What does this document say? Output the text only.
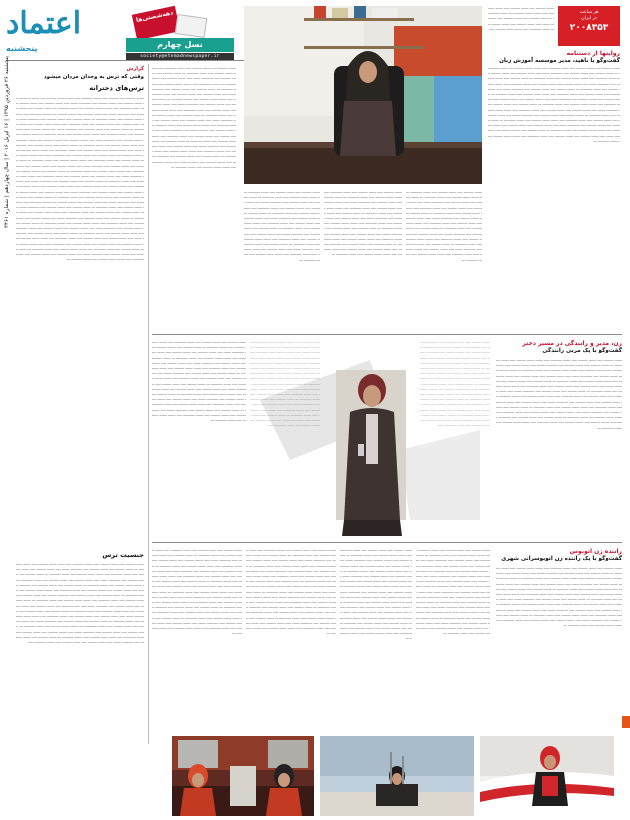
اعتماد
پنجشنبه
دهه‌شصتی‌ها
نسل چهارم
society@etemadnewspaper.ir
پنجشنبه ۲۶ فروردین ۱۳۹۵ | ۱۶ آپریل ۲۰۱۶ | سال چهاردهم | شماره ۳۴۶۱	گزارش
وقتی که ترس به وجدان مردان میشود
ترس‌های دخترانه
ـــــــ ـــــــــ ـــــ ـــــــــ ـــــ ـــــــ ـــــــــــ ـــــ ـــــــ ـــــــ ـــــــــ ـــــ ـــــــ ـــــــــــ ـــ ـــــــ ـــــــــ ـــــ ـــــــ ـــــــــ ـــــ ـــــــــــ ـــــــ ـــــ ـــــــ ـــــــــ ـــــ ـــــــ ـــــــــ ـــــ ـــــــ ـــــــــــ ـــــ ـــــــ ـــــــ ـــــــــ ـــــ ـــــــ ـــــــــــ ـــ ـــــــ ـــــــــ ـــــ ـــــــ ـــــــــ ـــــ ـــــــــــ ـــــــ ـــــ ـــــــ ـــــــــ ـــــ ـــــــ ـــــــــ ـــــ ـــــــ ـــــــــــ ـــــ ـــــــ ـــــــ ـــــــــ ـــــ ـــــــ ـــــــــــ ـــ ـــــــ ـــــــــ ـــــ ـــــــ ـــــــــ ـــــ ـــــــــــ ـــــــ ـــــ ـــــــ ـــــــــ ـــــ ـــــــ ـــــــــ ـــــ ـــــــ ـــــــــــ ـــــ ـــــــ ـــــــ ـــــــــ ـــــ ـــــــ ـــــــــــ ـــ ـــــــ ـــــــــ ـــــ ـــــــ ـــــــــ ـــــ ـــــــــــ ـــــــ ـــــ ـــــــ ـــــــــ ـــــ ـــــــ ـــــــــ ـــــ ـــــــ ـــــــــــ ـــــ ـــــــ ـــــــ ـــــــــ ـــــ ـــــــ ـــــــــــ ـــ ـــــــ ـــــــــ ـــــ ـــــــ ـــــــــ ـــــ ـــــــــــ ـــــــ ـــــ ـــــــ ـــــــــ ـــــ ـــــــ ـــــــــ ـــــ ـــــــ ـــــــــــ ـــــ ـــــــ ـــــــ ـــــــــ ـــــ ـــــــ ـــــــــــ ـــ ـــــــ ـــــــــ ـــــ ـــــــ ـــــــــ ـــــ ـــــــــــ ـــــــ ـــــ ـــــــ ـــــــــ ـــــ ـــــــ ـــــــــ ـــــ ـــــــ ـــــــــــ ـــــ ـــــــ ـــــــ ـــــــــ ـــــ ـــــــ ـــــــــــ ـــ ـــــــ ـــــــــ ـــــ ـــــــ ـــــــــ ـــــ ـــــــــــ ـــــــ ـــــ ـــــــ ـــــــــ ـــــ ـــــــ ـــــــــ ـــــ ـــــــ ـــــــــــ ـــــ ـــــــ ـــــــ ـــــــــ ـــــ ـــــــ ـــــــــــ ـــ ـــــــ ـــــــــ ـــــ ـــــــ ـــــــــ ـــــ ـــــــــــ ـــــــ ـــــ ـــــــ ـــــــــ ـــــ ـــــــ ـــــــــ ـــــ ـــــــ ـــــــــــ ـــــ ـــــــ ـــــــ ـــــــــ ـــــ ـــــــ ـــــــــــ ـــ ـــــــ ـــــــــ ـــــ ـــــــ ـــــــــ ـــــ ـــــــــــ ـــــــ ـــــ ـــــــ ـــــــــ ـــــ ـــــــ ـــــــــ ـــــ ـــــــ ـــــــــــ ـــــ ـــــــ ـــــــ ـــــــــ ـــــ ـــــــ ـــــــــــ ـــ ـــــــ ـــــــــ ـــــ ـــــــ ـــــــــ ـــــ ـــــــــــ ـــــــ ـــــ ـــــــ ـــــــــ ـــــ ـــــــ ـــــــــ ـــــ ـــــــ ـــــــــــ ـــــ ـــــــ ـــــــ ـــــــــ ـــــ ـــــــ ـــــــــــ ـــ ـــــــ ـــــــــ ـــــ ـــــــ ـــــــــ ـــــ ـــــــــــ ـــــــ ـــــ ـــــــ ـــــــــ ـــــ ـــــــ ـــــــــ ـــــ ـــــــ ـــــــــــ ـــــ ـــــــ ـــــــ ـــــــــ ـــــ ـــــــ ـــــــــــ ـــ ـــــــ ـــــــــ ـــــ ـــــــ ـــــــــ ـــــ ـــــــــــ ـــــــ ـــــ ـــــــ ـــــــــ ـــــ ـــــــ ـــــــــ ـــــ ـــــــ ـــــــــــ ـــــ ـــــــ ـــــــ ـــــــــ ـــــ ـــــــ ـــــــــــ ـــ ـــــــ ـــــــــ ـــــ ـــــــ ـــــــــ ـــــ ـــــــــــ ـــــــ ـــــ ـــــــ ـــــــــ ـــــ ـــــــ ـــــــــ ـــــ ـــــــ ـــــــــــ ـــــ ـــــــ ـــــــ ـــــــــ ـــــ ـــــــ ـــــــــــ ـــ ـــــــ ـــــــــ ـــــ ـــــــ ـــــــــ ـــــ ـــــــــــ ـــــــ ـــــ ـــــــ ـــــــــ ـــــ ـــــــ ـــــــــ ـــــ ـــــــ ـــــــــــ ـــــ ـــــــ ـــــــ ـــــــــ ـــــ ـــــــ ـــــــــــ ـــ ـــــــ ـــــــــ ـــــ ـــــــ ـــــــــ ـــــ ـــــــــــ ـــــــ ـــــ ـــــــ ـــــــــ ـــــ ـــــــ ـــــــــ ـــــ ـــــــ ـــــــــــ ـــــ ـــــــ ـــــــ ـــــــــ ـــــ ـــــــ ـــــــــــ ـــ ـــــــ ـــــــــ ـــــ ـــــــ ـــــــــ ـــــ ـــــــــــ ـــــــ ـــــ ـــــــ ـــــــــ ـــــ ـــــــ ـــــــــ ـــــ ـــــــ ـــــــــــ ـــــ ـــــــ ـــــــ ـــــــــ ـــــ ـــــــ ـــــــــــ ـــ ـــــــ ـــــــــ ـــــ ـــــــ ـــــــــ ـــــ ـــــــــــ ـــــــ ـــــ ـــــــ ـــــــــ ـــــ ـــــــ ـــــــــ ـــــ ـــــــ ـــــــــــ ـــــ ـــــــ ـــــــ ـــــــــ ـــــ ـــــــ ـــــــــــ ـــ ـــــــ ـــــــــ ـــــ ـــــــ ـــــــــ ـــــ ـــــــــــ ـــــــ ـــــ ـــــــ ـــــــــ ـــــ ـــــــ ـــــــــ ـــــ ـــــــ ـــــــــــ ـــــ ـــــــ ـــــــ ـــــــــ ـــــ ـــــــ ـــــــــــ ـــ
جنسیت ترس
ـــــــ ـــــــــ ـــــ ـــــــ ـــــــــ ـــــ ـــــــ ـــــــــــ ـــــ ـــــــ ـــــــ ـــــــــ ـــــ ـــــــ ـــــــــــ ـــ ـــــــ ـــــــــ ـــــ ـــــــ ـــــــــ ـــــ ـــــــــــ ـــــــ ـــــ ـــــــ ـــــــــ ـــــ ـــــــ ـــــــــ ـــــ ـــــــ ـــــــــــ ـــــ ـــــــ ـــــــ ـــــــــ ـــــ ـــــــ ـــــــــــ ـــ ـــــــ ـــــــــ ـــــ ـــــــ ـــــــــ ـــــ ـــــــــــ ـــــــ ـــــ ـــــــ ـــــــــ ـــــ ـــــــ ـــــــــ ـــــ ـــــــ ـــــــــــ ـــــ ـــــــ ـــــــ ـــــــــ ـــــ ـــــــ ـــــــــــ ـــ ـــــــ ـــــــــ ـــــ ـــــــ ـــــــــ ـــــ ـــــــــــ ـــــــ ـــــ ـــــــ ـــــــــ ـــــ ـــــــ ـــــــــ ـــــ ـــــــ ـــــــــــ ـــــ ـــــــ ـــــــ ـــــــــ ـــــ ـــــــ ـــــــــــ ـــ ـــــــ ـــــــــ ـــــ ـــــــ ـــــــــ ـــــ ـــــــــــ ـــــــ ـــــ ـــــــ ـــــــــ ـــــ ـــــــ ـــــــــ ـــــ ـــــــ ـــــــــــ ـــــ ـــــــ ـــــــ ـــــــــ ـــــ ـــــــ ـــــــــــ ـــ ـــــــ ـــــــــ ـــــ ـــــــ ـــــــــ ـــــ ـــــــــــ ـــــــ ـــــ ـــــــ ـــــــــ ـــــ ـــــــ ـــــــــ ـــــ ـــــــ ـــــــــــ ـــــ ـــــــ ـــــــ ـــــــــ ـــــ ـــــــ ـــــــــــ ـــ ـــــــ ـــــــــ ـــــ ـــــــ ـــــــــ ـــــ ـــــــــــ ـــــــ ـــــ ـــــــ ـــــــــ ـــــ ـــــــ ـــــــــ ـــــ ـــــــ ـــــــــــ ـــــ ـــــــ ـــــــ ـــــــــ ـــــ ـــــــ ـــــــــــ ـــ ـــــــ ـــــــــ ـــــ ـــــــ ـــــــــ ـــــ ـــــــــــ ـــــــ ـــــ ـــــــ ـــــــــ ـــــ ـــــــ ـــــــــ ـــــ ـــــــ ـــــــــــ ـــــ ـــــــ ـــــــ ـــــــــ ـــــ ـــــــ ـــــــــــ ـــ ـــــــ ـــــــــ ـــــ ـــــــ ـــــــــ ـــــ ـــــــــــ ـــــــ ـــــ ـــــــ ـــــــــ ـــــ ـــــــ ـــــــــ ـــــ ـــــــ ـــــــــــ ـــــ ـــــــ ـــــــ ـــــــــ ـــــ ـــــــ ـــــــــــ ـــ ـــــــ ـــــــــ ـــــ ـــــــ ـــــــــ ـــــ ـــــــــــ ـــــــ ـــــ ـــــــ ـــــــــ ـــــ ـــــــ ـــــــــ ـــــ ـــــــ ـــــــــــ ـــــ
ـــــــ ـــــــــ ـــــ ـــــــ ـــــــــ ـــــ ـــــــ ـــــــــــ ـــــ ـــــــ ـــــــ ـــــــــ ـــــ ـــــــ ـــــــــــ ـــ ـــــــ ـــــــــ ـــــ ـــــــ ـــــــــ ـــــ ـــــــــــ ـــــــ ـــــ ـــــــ ـــــــــ ـــــ ـــــــ ـــــــــ ـــــ ـــــــ ـــــــــــ ـــــ ـــــــ ـــــــ ـــــــــ ـــــ ـــــــ ـــــــــــ ـــ ـــــــ ـــــــــ ـــــ ـــــــ ـــــــــ ـــــ ـــــــــــ ـــــــ ـــــ ـــــــ ـــــــــ ـــــ ـــــــ ـــــــــ ـــــ ـــــــ ـــــــــــ ـــــ ـــــــ ـــــــ ـــــــــ ـــــ ـــــــ ـــــــــــ ـــ ـــــــ ـــــــــ ـــــ ـــــــ ـــــــــ ـــــ ـــــــــــ ـــــــ ـــــ ـــــــ ـــــــــ ـــــ ـــــــ ـــــــــ ـــــ ـــــــ ـــــــــــ ـــــ ـــــــ ـــــــ ـــــــــ ـــــ ـــــــ ـــــــــــ ـــ ـــــــ ـــــــــ ـــــ ـــــــ ـــــــــ ـــــ ـــــــــــ ـــــــ ـــــ ـــــــ ـــــــــ ـــــ ـــــــ ـــــــــ ـــــ ـــــــ ـــــــــــ ـــــ ـــــــ ـــــــ ـــــــــ ـــــ ـــــــ ـــــــــــ ـــ ـــــــ ـــــــــ ـــــ ـــــــ ـــــــــ ـــــ ـــــــــــ ـــــــ ـــــ ـــــــ ـــــــــ ـــــ ـــــــ ـــــــــ ـــــ ـــــــ ـــــــــــ ـــــ ـــــــ ـــــــ ـــــــــ ـــــ ـــــــ ـــــــــــ ـــ ـــــــ ـــــــــ ـــــ ـــــــ ـــــــــ ـــــ ـــــــــــ ـــــــ ـــــ ـــــــ ـــــــــ ـــــ ـــــــ ـــــــــ ـــــ ـــــــ ـــــــــــ ـــــ ـــــــ ـــــــ ـــــــــ ـــــ ـــــــ ـــــــــــ ـــ ـــــــ ـــــــــ ـــــ ـــــــ ـــــــــ ـــــ ـــــــــــ ـــــــ ـــــ ـــــــ ـــــــــ ـــــ ـــــــ ـــــــــ ـــــ ـــــــ ـــــــــــ ـــــ ـــــــ ـــــــ ـــــــــ ـــــ ـــــــ ـــــــــــ ـــ
هر ساعت
در ایران
۲۰۰۸۳۵۳
ـــــــ ـــــــــ ـــــ ـــــــ ـــــــــ ـــــ ـــــــ ـــــــــــ ـــــ ـــــــ ـــــــ ـــــــــ ـــــ ـــــــ ـــــــــــ ـــ ـــــــ ـــــــــ ـــــ ـــــــ ـــــــــ ـــــ ـــــــــــ ـــــــ ـــــ ـــــــ ـــــــــ ـــــ ـــــــ ـــــــــ ـــــ ـــــــ ـــــــــــ ـــــ ـــــــ ـــــــ ـــــــــ ـــــ
روایتها از دستنامه
گفت‌وگو با ناهید، مدیر موسسه آموزش زبان
ـــــــ ـــــــــ ـــــ ـــــــ ـــــــــ ـــــ ـــــــ ـــــــــــ ـــــ ـــــــ ـــــــ ـــــــــ ـــــ ـــــــ ـــــــــــ ـــ ـــــــ ـــــــــ ـــــ ـــــــ ـــــــــ ـــــ ـــــــــــ ـــــــ ـــــ ـــــــ ـــــــــ ـــــ ـــــــ ـــــــــ ـــــ ـــــــ ـــــــــــ ـــــ ـــــــ ـــــــ ـــــــــ ـــــ ـــــــ ـــــــــــ ـــ ـــــــ ـــــــــ ـــــ ـــــــ ـــــــــ ـــــ ـــــــــــ ـــــــ ـــــ ـــــــ ـــــــــ ـــــ ـــــــ ـــــــــ ـــــ ـــــــ ـــــــــــ ـــــ ـــــــ ـــــــ ـــــــــ ـــــ ـــــــ ـــــــــــ ـــ ـــــــ ـــــــــ ـــــ ـــــــ ـــــــــ ـــــ ـــــــــــ ـــــــ ـــــ ـــــــ ـــــــــ ـــــ ـــــــ ـــــــــ ـــــ ـــــــ ـــــــــــ ـــــ ـــــــ ـــــــ ـــــــــ ـــــ ـــــــ ـــــــــــ ـــ ـــــــ ـــــــــ ـــــ ـــــــ ـــــــــ ـــــ ـــــــــــ ـــــــ ـــــ ـــــــ ـــــــــ ـــــ ـــــــ ـــــــــ ـــــ ـــــــ ـــــــــــ ـــــ ـــــــ ـــــــ ـــــــــ ـــــ ـــــــ ـــــــــــ ـــ ـــــــ ـــــــــ ـــــ ـــــــ ـــــــــ ـــــ ـــــــــــ ـــــــ ـــــ ـــــــ ـــــــــ ـــــ ـــــــ ـــــــــ ـــــ ـــــــ ـــــــــــ ـــــ ـــــــ ـــــــ ـــــــــ ـــــ ـــــــ ـــــــــــ ـــ ـــــــ ـــــــــ ـــــ ـــــــ ـــــــــ ـــــ ـــــــــــ ـــــــ ـــــ ـــــــ ـــــــــ ـــــ ـــــــ ـــــــــ ـــــ ـــــــ ـــــــــــ ـــــ ـــــــ ـــــــ ـــــــــ ـــــ ـــــــ ـــــــــــ ـــ ـــــــ ـــــــــ ـــــ ـــــــ ـــــــــ ـــــ ـــــــــــ ـــــــ ـــــ ـــــــ ـــــــــ ـــــ ـــــــ ـــــــــ ـــــ ـــــــ ـــــــــــ ـــــ ـــــــ ـــــــ ـــــــــ ـــــ ـــــــ ـــــــــــ ـــ ـــــــ ـــــــــ ـــــ ـــــــ ـــــــــ ـــــ ـــــــــــ ـــــــ ـــــ ـــــــ ـــــــــ ـــــ ـــــــ ـــــــــ ـــــ ـــــــ ـــــــــــ ـــــ ـــــــ ـــــــ ـــــــــ ـــــ ـــــــ ـــــــــــ ـــ
ـــــــ ـــــــــ ـــــ ـــــــ ـــــــــ ـــــ ـــــــ ـــــــــــ ـــــ ـــــــ ـــــــ ـــــــــ ـــــ ـــــــ ـــــــــــ ـــ ـــــــ ـــــــــ ـــــ ـــــــ ـــــــــ ـــــ ـــــــــــ ـــــــ ـــــ ـــــــ ـــــــــ ـــــ ـــــــ ـــــــــ ـــــ ـــــــ ـــــــــــ ـــــ ـــــــ ـــــــ ـــــــــ ـــــ ـــــــ ـــــــــــ ـــ ـــــــ ـــــــــ ـــــ ـــــــ ـــــــــ ـــــ ـــــــــــ ـــــــ ـــــ ـــــــ ـــــــــ ـــــ ـــــــ ـــــــــ ـــــ ـــــــ ـــــــــــ ـــــ ـــــــ ـــــــ ـــــــــ ـــــ ـــــــ ـــــــــــ ـــ ـــــــ ـــــــــ ـــــ ـــــــ ـــــــــ ـــــ ـــــــــــ ـــــــ ـــــ ـــــــ ـــــــــ ـــــ ـــــــ ـــــــــ ـــــ ـــــــ ـــــــــــ ـــــ ـــــــ ـــــــ ـــــــــ ـــــ ـــــــ ـــــــــــ ـــ ـــــــ ـــــــــ ـــــ ـــــــ ـــــــــ ـــــ ـــــــــــ ـــــــ ـــــ ـــــــ ـــــــــ ـــــ ـــــــ ـــــــــ ـــــ ـــــــ ـــــــــــ ـــــ ـــــــ ـــــــ ـــــــــ ـــــ ـــــــ ـــــــــــ ـــ
ـــــــ ـــــــــ ـــــ ـــــــ ـــــــــ ـــــ ـــــــ ـــــــــــ ـــــ ـــــــ ـــــــ ـــــــــ ـــــ ـــــــ ـــــــــــ ـــ ـــــــ ـــــــــ ـــــ ـــــــ ـــــــــ ـــــ ـــــــــــ ـــــــ ـــــ ـــــــ ـــــــــ ـــــ ـــــــ ـــــــــ ـــــ ـــــــ ـــــــــــ ـــــ ـــــــ ـــــــ ـــــــــ ـــــ ـــــــ ـــــــــــ ـــ ـــــــ ـــــــــ ـــــ ـــــــ ـــــــــ ـــــ ـــــــــــ ـــــــ ـــــ ـــــــ ـــــــــ ـــــ ـــــــ ـــــــــ ـــــ ـــــــ ـــــــــــ ـــــ ـــــــ ـــــــ ـــــــــ ـــــ ـــــــ ـــــــــــ ـــ ـــــــ ـــــــــ ـــــ ـــــــ ـــــــــ ـــــ ـــــــــــ ـــــــ ـــــ ـــــــ ـــــــــ ـــــ ـــــــ ـــــــــ ـــــ ـــــــ ـــــــــــ ـــــ ـــــــ ـــــــ ـــــــــ ـــــ ـــــــ ـــــــــــ ـــ ـــــــ ـــــــــ ـــــ ـــــــ ـــــــــ ـــــ ـــــــــــ ـــــــ ـــــ ـــــــ ـــــــــ ـــــ ـــــــ ـــــــــ ـــــ ـــــــ ـــــــــــ ـــــ ـــــــ ـــــــ ـــــــــ ـــــ ـــــــ ـــــــــــ ـــ
ـــــــ ـــــــــ ـــــ ـــــــ ـــــــــ ـــــ ـــــــ ـــــــــــ ـــــ ـــــــ ـــــــ ـــــــــ ـــــ ـــــــ ـــــــــــ ـــ ـــــــ ـــــــــ ـــــ ـــــــ ـــــــــ ـــــ ـــــــــــ ـــــــ ـــــ ـــــــ ـــــــــ ـــــ ـــــــ ـــــــــ ـــــ ـــــــ ـــــــــــ ـــــ ـــــــ ـــــــ ـــــــــ ـــــ ـــــــ ـــــــــــ ـــ ـــــــ ـــــــــ ـــــ ـــــــ ـــــــــ ـــــ ـــــــــــ ـــــــ ـــــ ـــــــ ـــــــــ ـــــ ـــــــ ـــــــــ ـــــ ـــــــ ـــــــــــ ـــــ ـــــــ ـــــــ ـــــــــ ـــــ ـــــــ ـــــــــــ ـــ ـــــــ ـــــــــ ـــــ ـــــــ ـــــــــ ـــــ ـــــــــــ ـــــــ ـــــ ـــــــ ـــــــــ ـــــ ـــــــ ـــــــــ ـــــ ـــــــ ـــــــــــ ـــــ ـــــــ ـــــــ ـــــــــ ـــــ ـــــــ ـــــــــــ ـــ ـــــــ ـــــــــ ـــــ ـــــــ ـــــــــ ـــــ ـــــــــــ ـــــــ ـــــ ـــــــ ـــــــــ ـــــ ـــــــ ـــــــــ ـــــ ـــــــ ـــــــــــ ـــــ ـــــــ ـــــــ ـــــــــ ـــــ ـــــــ ـــــــــــ ـــ
ـــــــ ـــــــــ ـــــ ـــــــ ـــــــــ ـــــ ـــــــ ـــــــــــ ـــــ ـــــــ ـــــــ ـــــــــ ـــــ ـــــــ ـــــــــــ ـــ ـــــــ ـــــــــ ـــــ ـــــــ ـــــــــ ـــــ ـــــــــــ ـــــــ ـــــ ـــــــ ـــــــــ ـــــ ـــــــ ـــــــــ ـــــ ـــــــ ـــــــــــ ـــــ ـــــــ ـــــــ ـــــــــ ـــــ ـــــــ ـــــــــــ ـــ ـــــــ ـــــــــ ـــــ ـــــــ ـــــــــ ـــــ ـــــــــــ ـــــــ ـــــ ـــــــ ـــــــــ ـــــ ـــــــ ـــــــــ ـــــ ـــــــ ـــــــــــ ـــــ ـــــــ ـــــــ ـــــــــ ـــــ ـــــــ ـــــــــــ ـــ ـــــــ ـــــــــ ـــــ ـــــــ ـــــــــ ـــــ ـــــــــــ ـــــــ ـــــ ـــــــ ـــــــــ ـــــ ـــــــ ـــــــــ ـــــ ـــــــ ـــــــــــ ـــــ ـــــــ ـــــــ ـــــــــ ـــــ ـــــــ ـــــــــــ ـــ ـــــــ ـــــــــ ـــــ ـــــــ ـــــــــ ـــــ ـــــــــــ ـــــــ ـــــ ـــــــ ـــــــــ ـــــ ـــــــ ـــــــــ ـــــ ـــــــ ـــــــــــ ـــــ ـــــــ ـــــــ ـــــــــ ـــــ ـــــــ ـــــــــــ ـــ ـــــــ ـــــــــ ـــــ ـــــــ ـــــــــ ـــــ ـــــــــــ ـــــــ ـــــ ـــــــ ـــــــــ ـــــ ـــــــ ـــــــــ ـــــ ـــــــ ـــــــــــ ـــــ ـــــــ ـــــــ ـــــــــ ـــــ ـــــــ ـــــــــــ ـــ ـــــــ ـــــــــ ـــــ ـــــــ ـــــــــ ـــــ ـــــــــــ ـــــــ ـــــ ـــــــ ـــــــــ ـــــ ـــــــ ـــــــــ ـــــ ـــــــ ـــــــــــ ـــــ ـــــــ ـــــــ ـــــــــ ـــــ ـــــــ ـــــــــــ ـــ
ـــــــ ـــــــــ ـــــ ـــــــ ـــــــــ ـــــ ـــــــ ـــــــــــ ـــــ ـــــــ ـــــــ ـــــــــ ـــــ ـــــــ ـــــــــــ ـــ ـــــــ ـــــــــ ـــــ ـــــــ ـــــــــ ـــــ ـــــــــــ ـــــــ ـــــ ـــــــ ـــــــــ ـــــ ـــــــ ـــــــــ ـــــ ـــــــ ـــــــــــ ـــــ ـــــــ ـــــــ ـــــــــ ـــــ ـــــــ ـــــــــــ ـــ ـــــــ ـــــــــ ـــــ ـــــــ ـــــــــ ـــــ ـــــــــــ ـــــــ ـــــ ـــــــ ـــــــــ ـــــ ـــــــ ـــــــــ ـــــ ـــــــ ـــــــــــ ـــــ ـــــــ ـــــــ ـــــــــ ـــــ ـــــــ ـــــــــــ ـــ ـــــــ ـــــــــ ـــــ ـــــــ ـــــــــ ـــــ ـــــــــــ ـــــــ ـــــ ـــــــ ـــــــــ ـــــ ـــــــ ـــــــــ ـــــ ـــــــ ـــــــــــ ـــــ ـــــــ ـــــــ ـــــــــ ـــــ ـــــــ ـــــــــــ ـــ ـــــــ ـــــــــ ـــــ ـــــــ ـــــــــ ـــــ ـــــــــــ ـــــــ ـــــ ـــــــ ـــــــــ ـــــ ـــــــ ـــــــــ ـــــ ـــــــ ـــــــــــ ـــــ ـــــــ ـــــــ ـــــــــ ـــــ ـــــــ ـــــــــــ ـــ ـــــــ ـــــــــ ـــــ ـــــــ ـــــــــ ـــــ ـــــــــــ ـــــــ ـــــ ـــــــ ـــــــــ ـــــ ـــــــ ـــــــــ ـــــ ـــــــ ـــــــــــ ـــــ
ـــــــ ـــــــــ ـــــ ـــــــ ـــــــــ ـــــ ـــــــ ـــــــــــ ـــــ ـــــــ ـــــــ ـــــــــ ـــــ ـــــــ ـــــــــــ ـــ ـــــــ ـــــــــ ـــــ ـــــــ ـــــــــ ـــــ ـــــــــــ ـــــــ ـــــ ـــــــ ـــــــــ ـــــ ـــــــ ـــــــــ ـــــ ـــــــ ـــــــــــ ـــــ ـــــــ ـــــــ ـــــــــ ـــــ ـــــــ ـــــــــــ ـــ ـــــــ ـــــــــ ـــــ ـــــــ ـــــــــ ـــــ ـــــــــــ ـــــــ ـــــ ـــــــ ـــــــــ ـــــ ـــــــ ـــــــــ ـــــ ـــــــ ـــــــــــ ـــــ ـــــــ ـــــــ ـــــــــ ـــــ ـــــــ ـــــــــــ ـــ ـــــــ ـــــــــ ـــــ ـــــــ ـــــــــ ـــــ ـــــــــــ ـــــــ ـــــ ـــــــ ـــــــــ ـــــ ـــــــ ـــــــــ ـــــ ـــــــ ـــــــــــ ـــــ ـــــــ ـــــــ ـــــــــ ـــــ ـــــــ ـــــــــــ ـــ ـــــــ ـــــــــ ـــــ ـــــــ ـــــــــ ـــــ ـــــــــــ ـــــــ ـــــ ـــــــ ـــــــــ ـــــ ـــــــ ـــــــــ ـــــ ـــــــ ـــــــــــ ـــــ ـــــــ ـــــــ ـــــــــ ـــــ ـــــــ ـــــــــــ ـــ ـــــــ ـــــــــ ـــــ ـــــــ ـــــــــ ـــــ ـــــــــــ ـــــــ ـــــ ـــــــ ـــــــــ ـــــ ـــــــ ـــــــــ ـــــ ـــــــ ـــــــــــ ـــــ
زن، مدیر و رانندگی در مسیر دختر
گفت‌وگو با یک مربی رانندگی
ـــــــ ـــــــــ ـــــ ـــــــ ـــــــــ ـــــ ـــــــ ـــــــــــ ـــــ ـــــــ ـــــــ ـــــــــ ـــــ ـــــــ ـــــــــــ ـــ ـــــــ ـــــــــ ـــــ ـــــــ ـــــــــ ـــــ ـــــــــــ ـــــــ ـــــ ـــــــ ـــــــــ ـــــ ـــــــ ـــــــــ ـــــ ـــــــ ـــــــــــ ـــــ ـــــــ ـــــــ ـــــــــ ـــــ ـــــــ ـــــــــــ ـــ ـــــــ ـــــــــ ـــــ ـــــــ ـــــــــ ـــــ ـــــــــــ ـــــــ ـــــ ـــــــ ـــــــــ ـــــ ـــــــ ـــــــــ ـــــ ـــــــ ـــــــــــ ـــــ ـــــــ ـــــــ ـــــــــ ـــــ ـــــــ ـــــــــــ ـــ ـــــــ ـــــــــ ـــــ ـــــــ ـــــــــ ـــــ ـــــــــــ ـــــــ ـــــ ـــــــ ـــــــــ ـــــ ـــــــ ـــــــــ ـــــ ـــــــ ـــــــــــ ـــــ ـــــــ ـــــــ ـــــــــ ـــــ ـــــــ ـــــــــــ ـــ ـــــــ ـــــــــ ـــــ ـــــــ ـــــــــ ـــــ ـــــــــــ ـــــــ ـــــ ـــــــ ـــــــــ ـــــ ـــــــ ـــــــــ ـــــ ـــــــ ـــــــــــ ـــــ ـــــــ ـــــــ ـــــــــ ـــــ ـــــــ ـــــــــــ ـــ ـــــــ ـــــــــ ـــــ ـــــــ ـــــــــ ـــــ ـــــــــــ ـــــــ ـــــ ـــــــ ـــــــــ ـــــ ـــــــ ـــــــــ ـــــ ـــــــ ـــــــــــ ـــــ ـــــــ ـــــــ ـــــــــ ـــــ ـــــــ ـــــــــــ ـــ ـــــــ ـــــــــ ـــــ ـــــــ ـــــــــ ـــــ ـــــــــــ ـــــــ ـــــ ـــــــ ـــــــــ ـــــ ـــــــ ـــــــــ ـــــ ـــــــ ـــــــــــ ـــــ ـــــــ ـــــــ ـــــــــ ـــــ ـــــــ ـــــــــــ ـــ ـــــــ ـــــــــ ـــــ ـــــــ ـــــــــ ـــــ ـــــــــــ ـــــــ ـــــ ـــــــ ـــــــــ ـــــ ـــــــ ـــــــــ ـــــ ـــــــ ـــــــــــ ـــــ ـــــــ ـــــــ ـــــــــ ـــــ ـــــــ ـــــــــــ ـــ
ـــــــ ـــــــــ ـــــ ـــــــ ـــــــــ ـــــ ـــــــ ـــــــــــ ـــــ ـــــــ ـــــــ ـــــــــ ـــــ ـــــــ ـــــــــــ ـــ ـــــــ ـــــــــ ـــــ ـــــــ ـــــــــ ـــــ ـــــــــــ ـــــــ ـــــ ـــــــ ـــــــــ ـــــ ـــــــ ـــــــــ ـــــ ـــــــ ـــــــــــ ـــــ ـــــــ ـــــــ ـــــــــ ـــــ ـــــــ ـــــــــــ ـــ ـــــــ ـــــــــ ـــــ ـــــــ ـــــــــ ـــــ ـــــــــــ ـــــــ ـــــ ـــــــ ـــــــــ ـــــ ـــــــ ـــــــــ ـــــ ـــــــ ـــــــــــ ـــــ ـــــــ ـــــــ ـــــــــ ـــــ ـــــــ ـــــــــــ ـــ ـــــــ ـــــــــ ـــــ ـــــــ ـــــــــ ـــــ ـــــــــــ ـــــــ ـــــ ـــــــ ـــــــــ ـــــ ـــــــ ـــــــــ ـــــ ـــــــ ـــــــــــ ـــــ ـــــــ ـــــــ ـــــــــ ـــــ ـــــــ ـــــــــــ ـــ ـــــــ ـــــــــ ـــــ ـــــــ ـــــــــ ـــــ ـــــــــــ ـــــــ ـــــ ـــــــ ـــــــــ ـــــ ـــــــ ـــــــــ ـــــ ـــــــ ـــــــــــ ـــــ ـــــــ ـــــــ ـــــــــ ـــــ ـــــــ ـــــــــــ ـــ ـــــــ ـــــــــ ـــــ ـــــــ ـــــــــ ـــــ ـــــــــــ ـــــــ ـــــ ـــــــ ـــــــــ ـــــ ـــــــ ـــــــــ ـــــ ـــــــ ـــــــــــ ـــــ ـــــــ ـــــــ ـــــــــ ـــــ ـــــــ ـــــــــــ ـــ ـــــــ ـــــــــ ـــــ ـــــــ ـــــــــ ـــــ ـــــــــــ ـــــــ ـــــ ـــــــ ـــــــــ ـــــ ـــــــ ـــــــــ ـــــ ـــــــ ـــــــــــ ـــــ ـــــــ ـــــــ ـــــــــ ـــــ ـــــــ ـــــــــــ ـــ
ـــــــ ـــــــــ ـــــ ـــــــ ـــــــــ ـــــ ـــــــ ـــــــــــ ـــــ ـــــــ ـــــــ ـــــــــ ـــــ ـــــــ ـــــــــــ ـــ ـــــــ ـــــــــ ـــــ ـــــــ ـــــــــ ـــــ ـــــــــــ ـــــــ ـــــ ـــــــ ـــــــــ ـــــ ـــــــ ـــــــــ ـــــ ـــــــ ـــــــــــ ـــــ ـــــــ ـــــــ ـــــــــ ـــــ ـــــــ ـــــــــــ ـــ ـــــــ ـــــــــ ـــــ ـــــــ ـــــــــ ـــــ ـــــــــــ ـــــــ ـــــ ـــــــ ـــــــــ ـــــ ـــــــ ـــــــــ ـــــ ـــــــ ـــــــــــ ـــــ ـــــــ ـــــــ ـــــــــ ـــــ ـــــــ ـــــــــــ ـــ ـــــــ ـــــــــ ـــــ ـــــــ ـــــــــ ـــــ ـــــــــــ ـــــــ ـــــ ـــــــ ـــــــــ ـــــ ـــــــ ـــــــــ ـــــ ـــــــ ـــــــــــ ـــــ ـــــــ ـــــــ ـــــــــ ـــــ ـــــــ ـــــــــــ ـــ ـــــــ ـــــــــ ـــــ ـــــــ ـــــــــ ـــــ ـــــــــــ ـــــــ ـــــ ـــــــ ـــــــــ ـــــ ـــــــ ـــــــــ ـــــ ـــــــ ـــــــــــ ـــــ ـــــــ ـــــــ ـــــــــ ـــــ ـــــــ ـــــــــــ ـــ ـــــــ ـــــــــ ـــــ ـــــــ ـــــــــ ـــــ ـــــــــــ ـــــــ ـــــ ـــــــ ـــــــــ ـــــ ـــــــ ـــــــــ ـــــ ـــــــ ـــــــــــ ـــــ ـــــــ ـــــــ ـــــــــ ـــــ ـــــــ ـــــــــــ ـــ ـــــــ ـــــــــ ـــــ ـــــــ ـــــــــ ـــــ ـــــــــــ ـــــــ ـــــ ـــــــ ـــــــــ ـــــ ـــــــ ـــــــــ ـــــ ـــــــ ـــــــــــ ـــــ ـــــــ ـــــــ ـــــــــ ـــــ ـــــــ ـــــــــــ ـــ
ـــــــ ـــــــــ ـــــ ـــــــ ـــــــــ ـــــ ـــــــ ـــــــــــ ـــــ ـــــــ ـــــــ ـــــــــ ـــــ ـــــــ ـــــــــــ ـــ ـــــــ ـــــــــ ـــــ ـــــــ ـــــــــ ـــــ ـــــــــــ ـــــــ ـــــ ـــــــ ـــــــــ ـــــ ـــــــ ـــــــــ ـــــ ـــــــ ـــــــــــ ـــــ ـــــــ ـــــــ ـــــــــ ـــــ ـــــــ ـــــــــــ ـــ ـــــــ ـــــــــ ـــــ ـــــــ ـــــــــ ـــــ ـــــــــــ ـــــــ ـــــ ـــــــ ـــــــــ ـــــ ـــــــ ـــــــــ ـــــ ـــــــ ـــــــــــ ـــــ ـــــــ ـــــــ ـــــــــ ـــــ ـــــــ ـــــــــــ ـــ ـــــــ ـــــــــ ـــــ ـــــــ ـــــــــ ـــــ ـــــــــــ ـــــــ ـــــ ـــــــ ـــــــــ ـــــ ـــــــ ـــــــــ ـــــ ـــــــ ـــــــــــ ـــــ ـــــــ ـــــــ ـــــــــ ـــــ ـــــــ ـــــــــــ ـــ ـــــــ ـــــــــ ـــــ ـــــــ ـــــــــ ـــــ ـــــــــــ ـــــــ ـــــ ـــــــ ـــــــــ ـــــ ـــــــ ـــــــــ ـــــ ـــــــ ـــــــــــ ـــــ ـــــــ ـــــــ ـــــــــ ـــــ ـــــــ ـــــــــــ ـــ ـــــــ ـــــــــ ـــــ ـــــــ ـــــــــ ـــــ ـــــــــــ ـــــــ ـــــ ـــــــ ـــــــــ ـــــ ـــــــ ـــــــــ ـــــ ـــــــ ـــــــــــ ـــــ ـــــــ ـــــــ ـــــــــ ـــــ ـــــــ ـــــــــــ ـــ
ـــــــ ـــــــــ ـــــ ـــــــ ـــــــــ ـــــ ـــــــ ـــــــــــ ـــــ ـــــــ ـــــــ ـــــــــ ـــــ ـــــــ ـــــــــــ ـــ ـــــــ ـــــــــ ـــــ ـــــــ ـــــــــ ـــــ ـــــــــــ ـــــــ ـــــ ـــــــ ـــــــــ ـــــ ـــــــ ـــــــــ ـــــ ـــــــ ـــــــــــ ـــــ ـــــــ ـــــــ ـــــــــ ـــــ ـــــــ ـــــــــــ ـــ ـــــــ ـــــــــ ـــــ ـــــــ ـــــــــ ـــــ ـــــــــــ ـــــــ ـــــ ـــــــ ـــــــــ ـــــ ـــــــ ـــــــــ ـــــ ـــــــ ـــــــــــ ـــــ ـــــــ ـــــــ ـــــــــ ـــــ ـــــــ ـــــــــــ ـــ ـــــــ ـــــــــ ـــــ ـــــــ ـــــــــ ـــــ ـــــــــــ ـــــــ ـــــ ـــــــ ـــــــــ ـــــ ـــــــ ـــــــــ ـــــ ـــــــ ـــــــــــ ـــــ ـــــــ ـــــــ ـــــــــ ـــــ ـــــــ ـــــــــــ ـــ ـــــــ ـــــــــ ـــــ ـــــــ ـــــــــ ـــــ ـــــــــــ ـــــــ ـــــ ـــــــ ـــــــــ ـــــ ـــــــ ـــــــــ ـــــ ـــــــ ـــــــــــ ـــــ ـــــــ ـــــــ ـــــــــ ـــــ ـــــــ ـــــــــــ ـــ ـــــــ ـــــــــ ـــــ ـــــــ ـــــــــ ـــــ ـــــــــــ ـــــــ ـــــ ـــــــ ـــــــــ ـــــ ـــــــ ـــــــــ ـــــ ـــــــ ـــــــــــ ـــــ ـــــــ ـــــــ ـــــــــ ـــــ ـــــــ ـــــــــــ ـــ
راننده زن اتوبوس
گفت‌وگو با یک راننده زن اتوبوسرانی شهری
ـــــــ ـــــــــ ـــــ ـــــــ ـــــــــ ـــــ ـــــــ ـــــــــــ ـــــ ـــــــ ـــــــ ـــــــــ ـــــ ـــــــ ـــــــــــ ـــ ـــــــ ـــــــــ ـــــ ـــــــ ـــــــــ ـــــ ـــــــــــ ـــــــ ـــــ ـــــــ ـــــــــ ـــــ ـــــــ ـــــــــ ـــــ ـــــــ ـــــــــــ ـــــ ـــــــ ـــــــ ـــــــــ ـــــ ـــــــ ـــــــــــ ـــ ـــــــ ـــــــــ ـــــ ـــــــ ـــــــــ ـــــ ـــــــــــ ـــــــ ـــــ ـــــــ ـــــــــ ـــــ ـــــــ ـــــــــ ـــــ ـــــــ ـــــــــــ ـــــ ـــــــ ـــــــ ـــــــــ ـــــ ـــــــ ـــــــــــ ـــ ـــــــ ـــــــــ ـــــ ـــــــ ـــــــــ ـــــ ـــــــــــ ـــــــ ـــــ ـــــــ ـــــــــ ـــــ ـــــــ ـــــــــ ـــــ ـــــــ ـــــــــــ ـــــ ـــــــ ـــــــ ـــــــــ ـــــ ـــــــ ـــــــــــ ـــ ـــــــ ـــــــــ ـــــ ـــــــ ـــــــــ ـــــ ـــــــــــ ـــــــ ـــــ ـــــــ ـــــــــ ـــــ ـــــــ ـــــــــ ـــــ ـــــــ ـــــــــــ ـــــ ـــــــ ـــــــ ـــــــــ ـــــ ـــــــ ـــــــــــ ـــ ـــــــ ـــــــــ ـــــ ـــــــ ـــــــــ ـــــ ـــــــــــ ـــــــ ـــــ ـــــــ ـــــــــ ـــــ ـــــــ ـــــــــ ـــــ ـــــــ ـــــــــــ ـــــ ـــــــ ـــــــ ـــــــــ ـــــ ـــــــ ـــــــــــ ـــ ـــــــ ـــــــــ ـــــ ـــــــ ـــــــــ ـــــ ـــــــــــ ـــــــ ـــــ ـــــــ ـــــــــ ـــــ ـــــــ ـــــــــ ـــــ ـــــــ ـــــــــــ ـــــ ـــــــ ـــــــ ـــــــــ ـــــ ـــــــ ـــــــــــ ـــ
